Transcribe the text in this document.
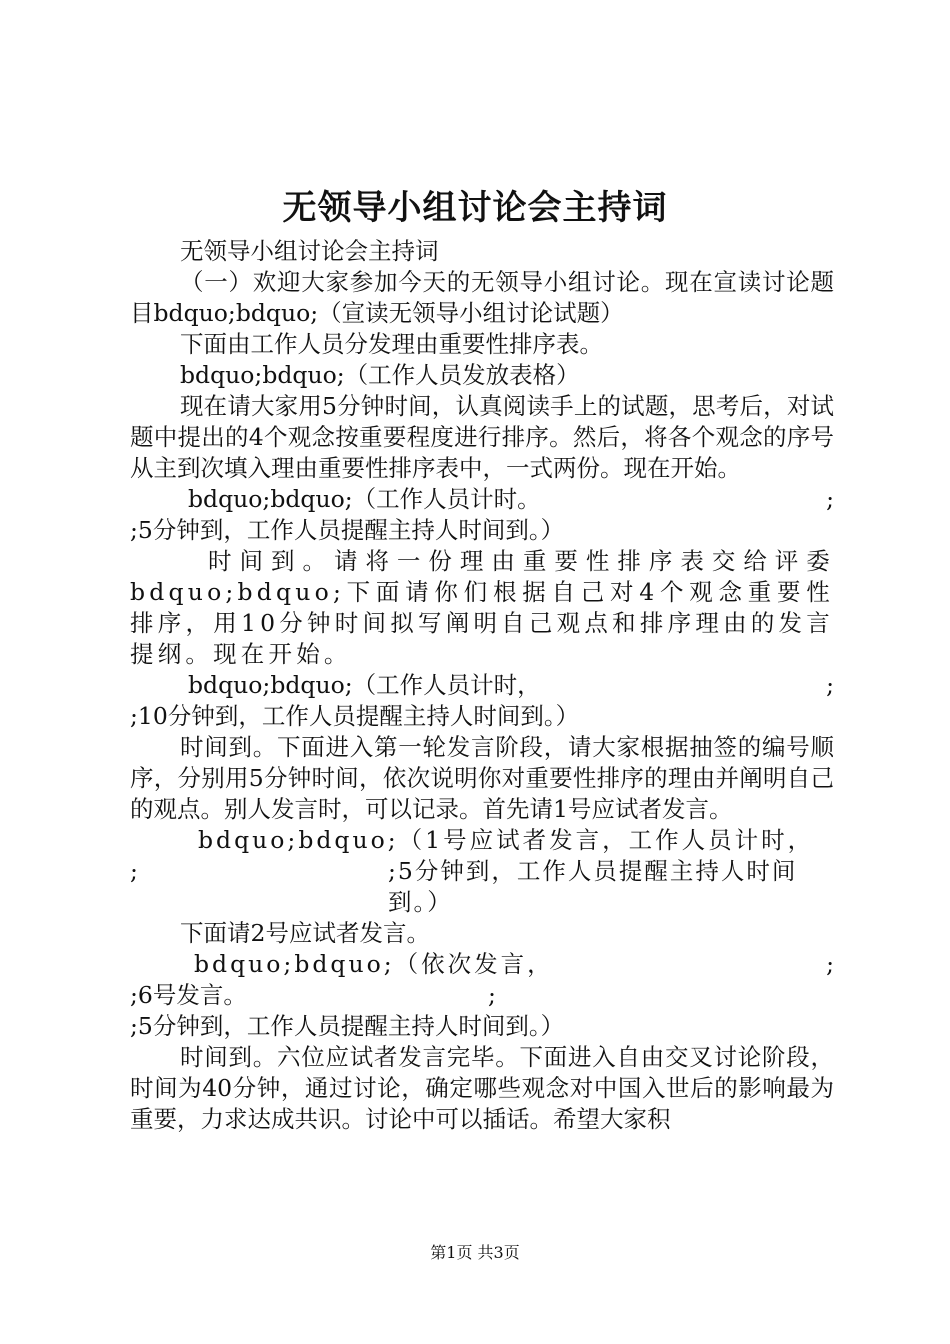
无领导小组讨论会主持词

无领导小组讨论会主持词

（一）欢迎大家参加今天的无领导小组讨论。现在宣读讨论题目bdquo;bdquo;（宣读无领导小组讨论试题）

下面由工作人员分发理由重要性排序表。

bdquo;bdquo;（工作人员发放表格）

现在请大家用5分钟时间，认真阅读手上的试题，思考后，对试题中提出的4个观念按重要程度进行排序。然后，将各个观念的序号从主到次填入理由重要性排序表中，一式两份。现在开始。

bdquo;bdquo;（工作人员计时。	;

;5分钟到，工作人员提醒主持人时间到。）

时间到。请将一份理由重要性排序表交给评委bdquo;bdquo;下面请你们根据自己对4个观念重要性排序，用10分钟时间拟写阐明自己观点和排序理由的发言提纲。现在开始。

bdquo;bdquo;（工作人员计时，	;

;10分钟到，工作人员提醒主持人时间到。）

时间到。下面进入第一轮发言阶段，请大家根据抽签的编号顺序，分别用5分钟时间，依次说明你对重要性排序的理由并阐明自己的观点。别人发言时，可以记录。首先请1号应试者发言。

bdquo;bdquo;（1号应试者发言，工作人员计时，

;	;5分钟到，工作人员提醒主持人时间到。）

下面请2号应试者发言。

bdquo;bdquo;（依次发言，	;
;6号发言。	;

;5分钟到，工作人员提醒主持人时间到。）

时间到。六位应试者发言完毕。下面进入自由交叉讨论阶段，时间为40分钟，通过讨论，确定哪些观念对中国入世后的影响最为重要，力求达成共识。讨论中可以插话。希望大家积

第1页 共3页
